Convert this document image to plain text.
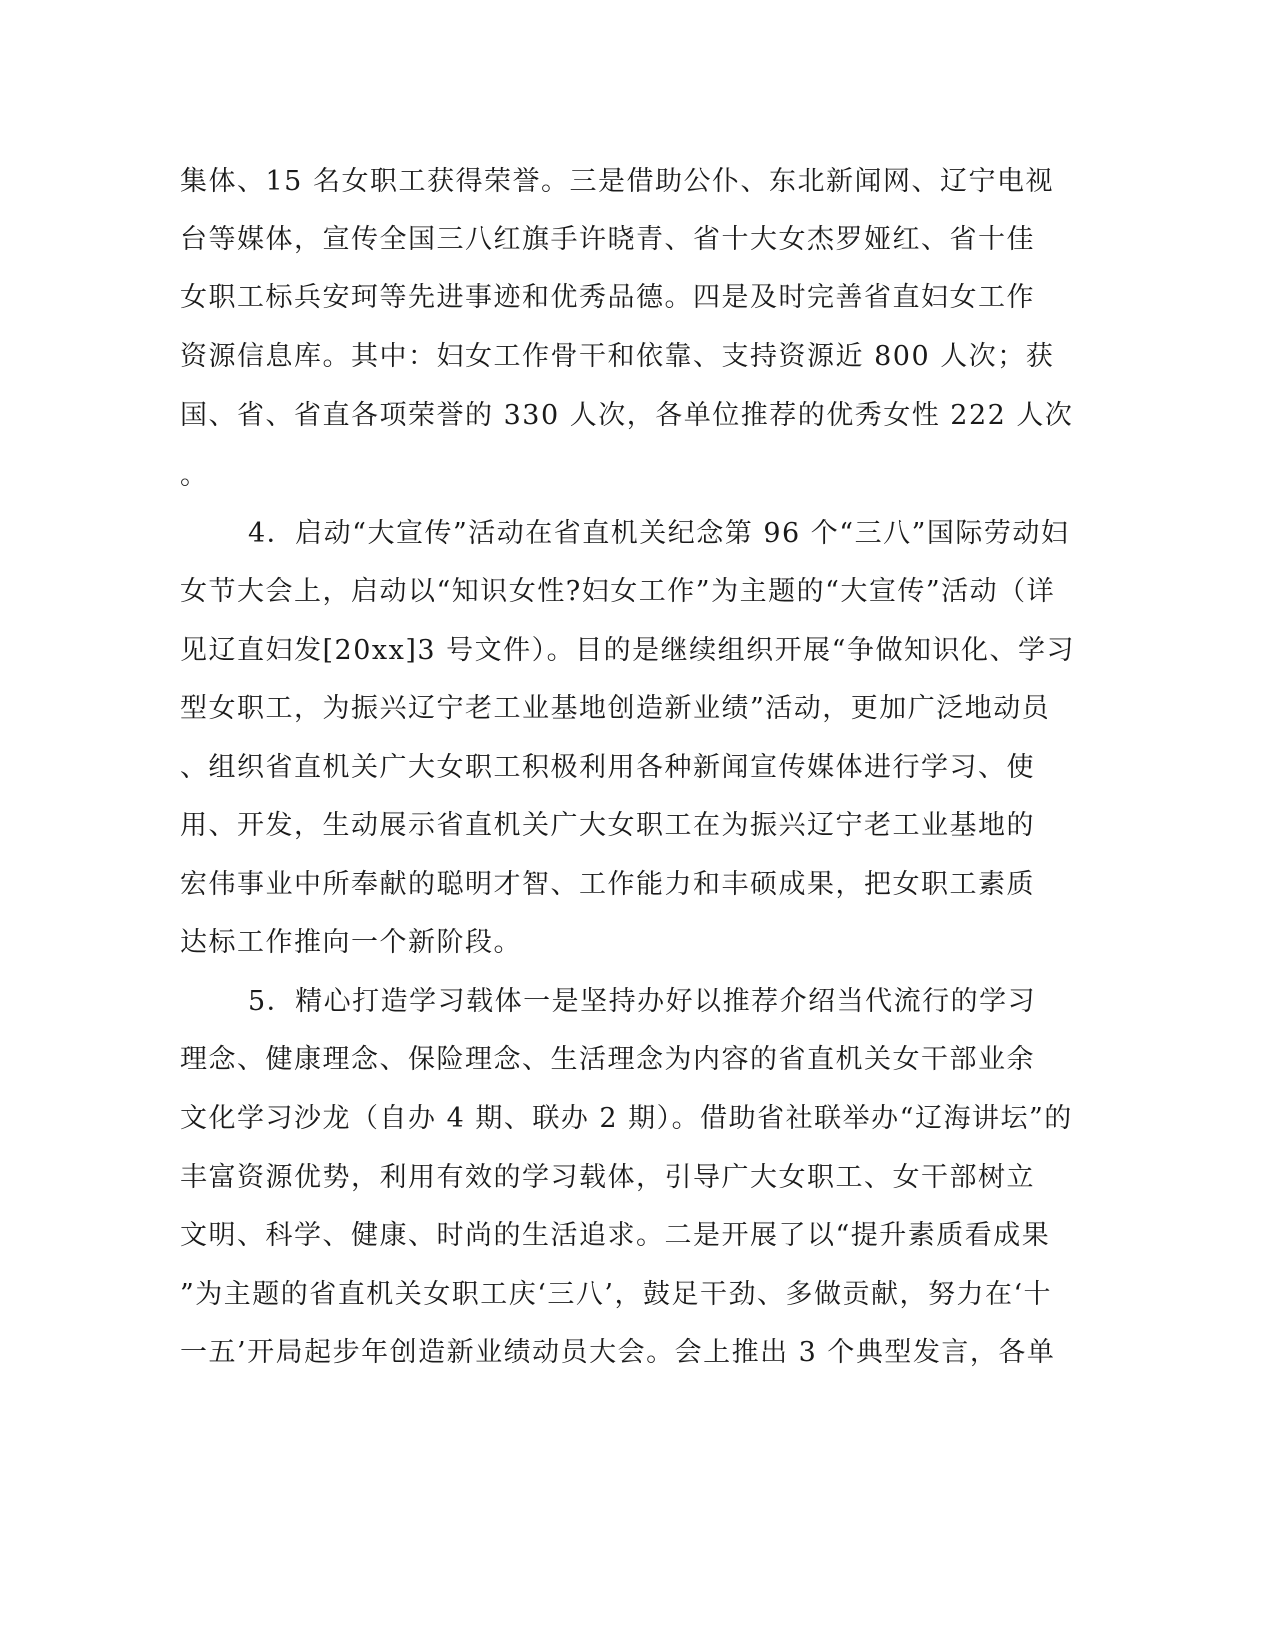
集体、15 名女职工获得荣誉。三是借助公仆、东北新闻网、辽宁电视
台等媒体，宣传全国三八红旗手许晓青、省十大女杰罗娅红、省十佳
女职工标兵安珂等先进事迹和优秀品德。四是及时完善省直妇女工作
资源信息库。其中：妇女工作骨干和依靠、支持资源近 800 人次；获
国、省、省直各项荣誉的 330 人次，各单位推荐的优秀女性 222 人次
。
4．启动“大宣传”活动在省直机关纪念第 96 个“三八”国际劳动妇
女节大会上，启动以“知识女性?妇女工作”为主题的“大宣传”活动（详
见辽直妇发[20xx]3 号文件）。目的是继续组织开展“争做知识化、学习
型女职工，为振兴辽宁老工业基地创造新业绩”活动，更加广泛地动员
、组织省直机关广大女职工积极利用各种新闻宣传媒体进行学习、使
用、开发，生动展示省直机关广大女职工在为振兴辽宁老工业基地的
宏伟事业中所奉献的聪明才智、工作能力和丰硕成果，把女职工素质
达标工作推向一个新阶段。
5．精心打造学习载体一是坚持办好以推荐介绍当代流行的学习
理念、健康理念、保险理念、生活理念为内容的省直机关女干部业余
文化学习沙龙（自办 4 期、联办 2 期）。借助省社联举办“辽海讲坛”的
丰富资源优势，利用有效的学习载体，引导广大女职工、女干部树立
文明、科学、健康、时尚的生活追求。二是开展了以“提升素质看成果
”为主题的省直机关女职工庆‘三八’，鼓足干劲、多做贡献，努力在‘十
一五’开局起步年创造新业绩动员大会。会上推出 3 个典型发言，各单
